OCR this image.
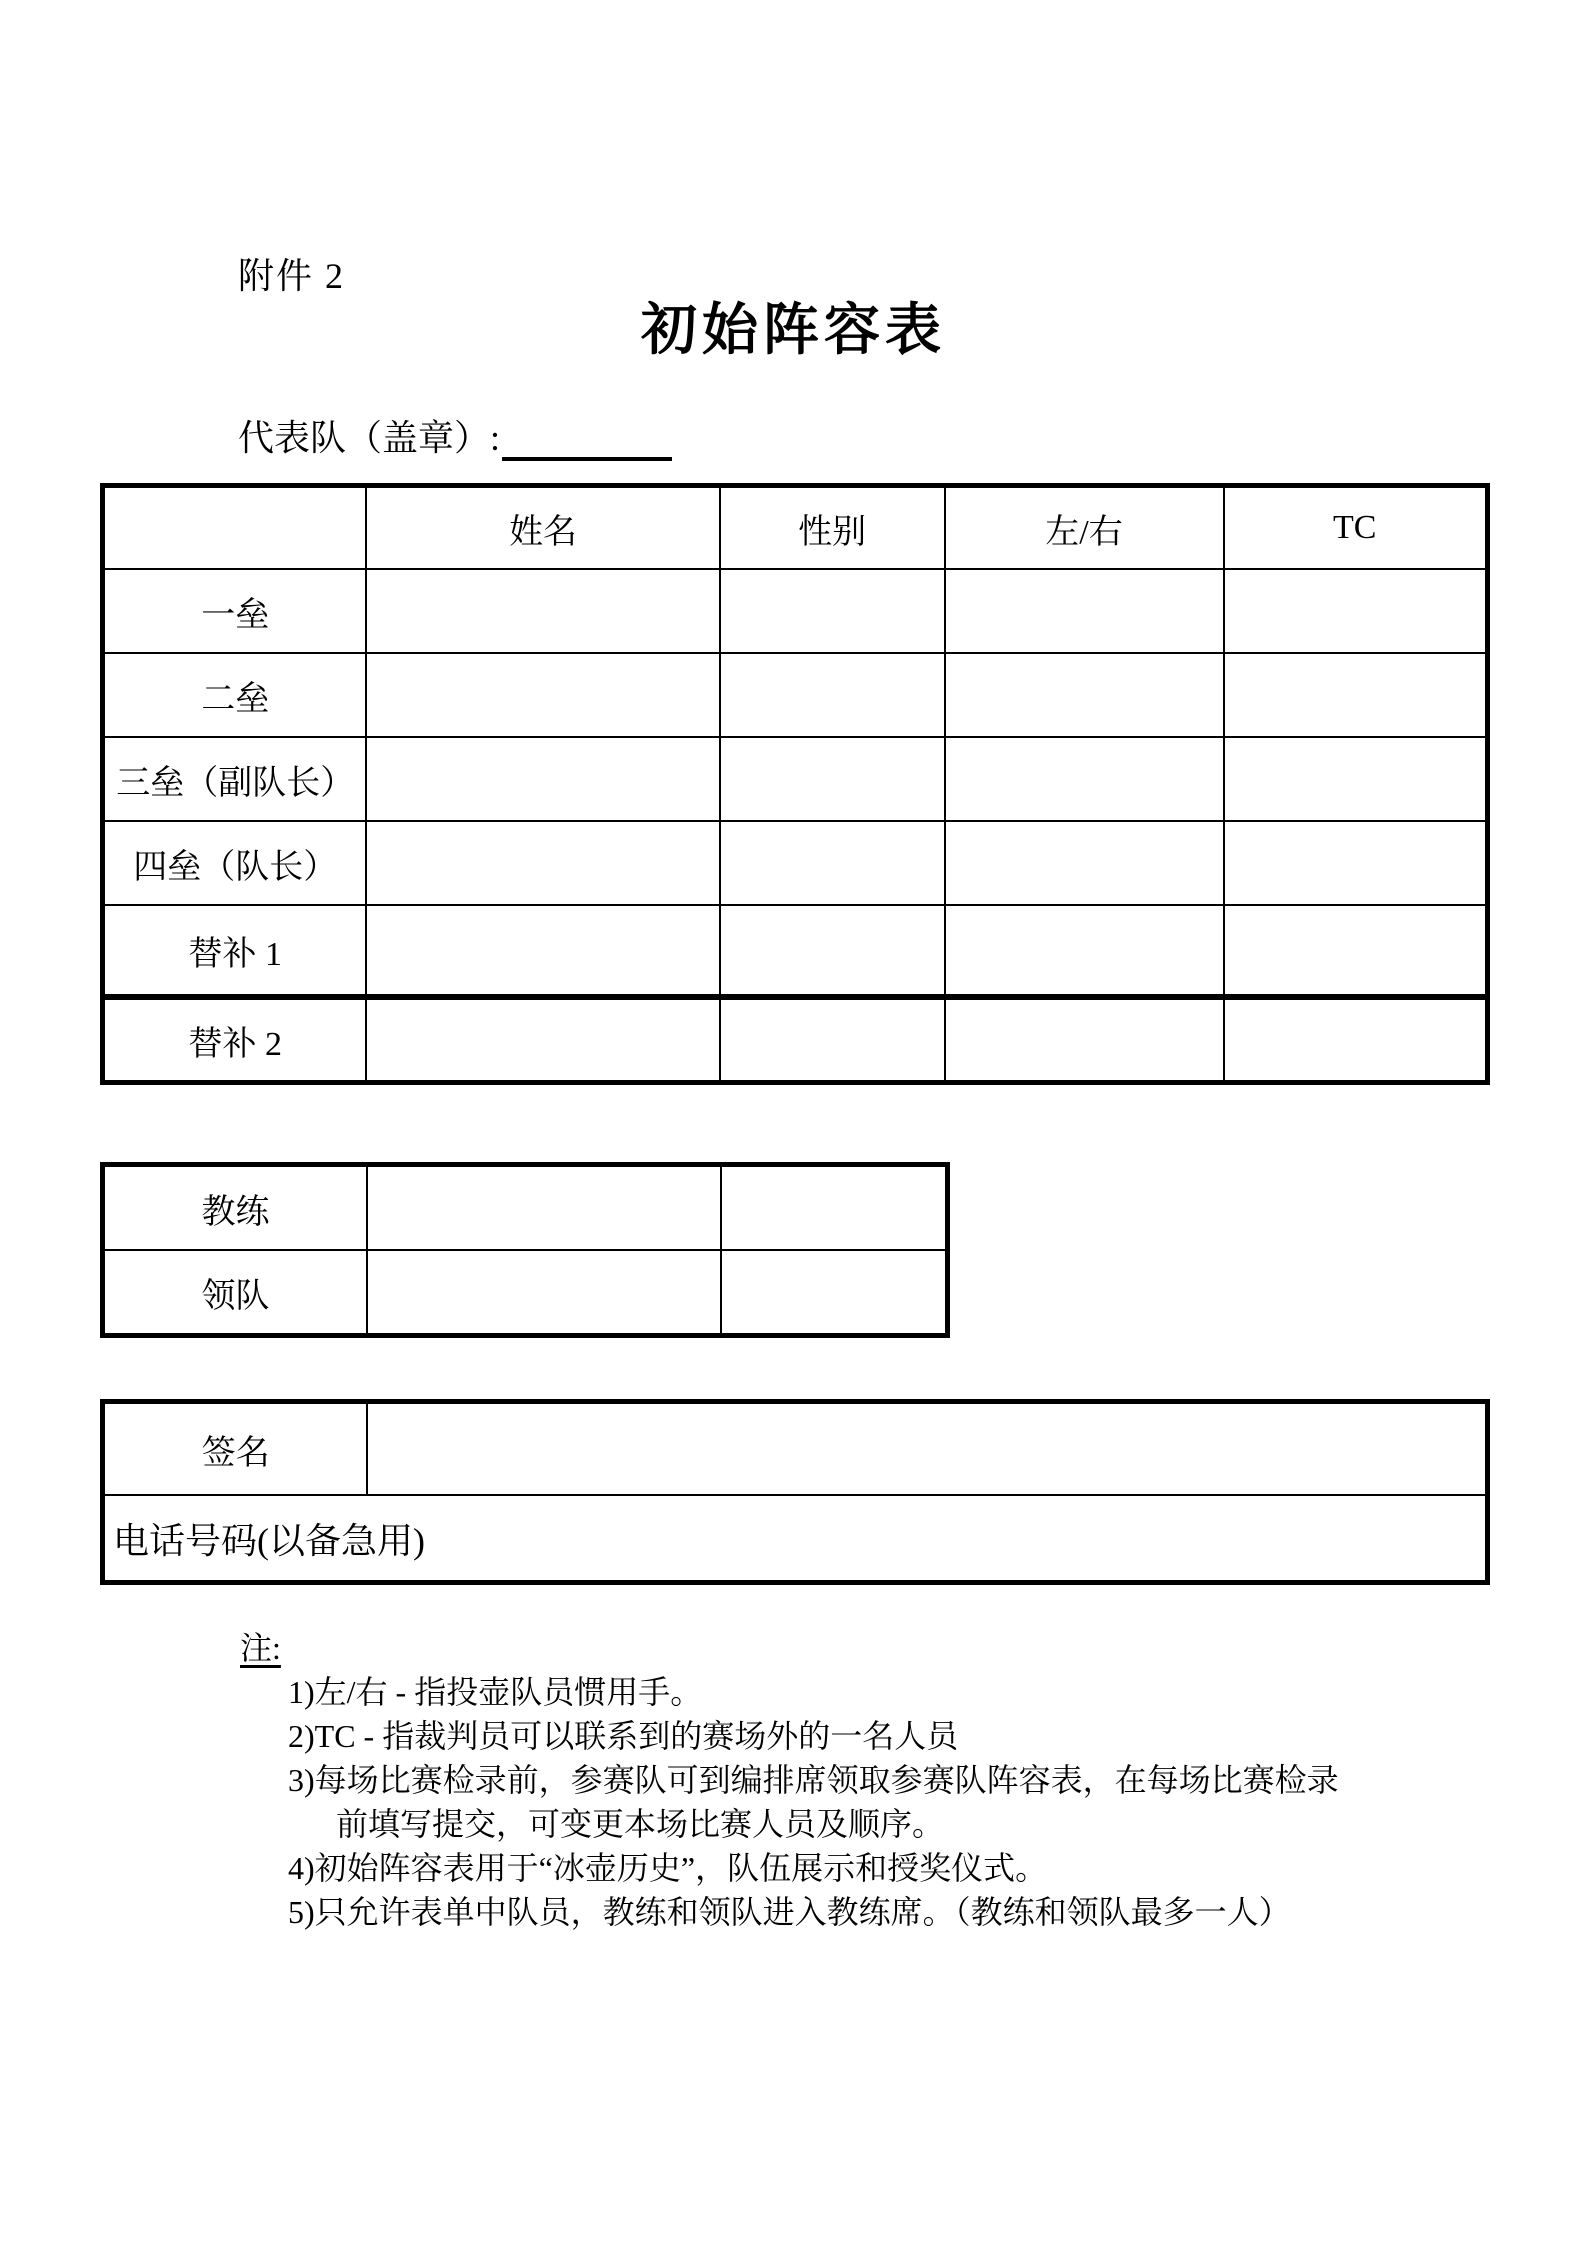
附件 2
初始阵容表
代表队（盖章）:
	姓名	性别	左/右	TC
一垒				
二垒				
三垒（副队长）				
四垒（队长）				
替补 1				
替补 2				
教练		
领队		
签名	
电话号码(以备急用)
注:
1)左/右 - 指投壶队员惯用手。
2)TC - 指裁判员可以联系到的赛场外的一名人员
3)每场比赛检录前，参赛队可到编排席领取参赛队阵容表，在每场比赛检录
前填写提交，可变更本场比赛人员及顺序。
4)初始阵容表用于“冰壶历史”，队伍展示和授奖仪式。
5)只允许表单中队员，教练和领队进入教练席。（教练和领队最多一人）
